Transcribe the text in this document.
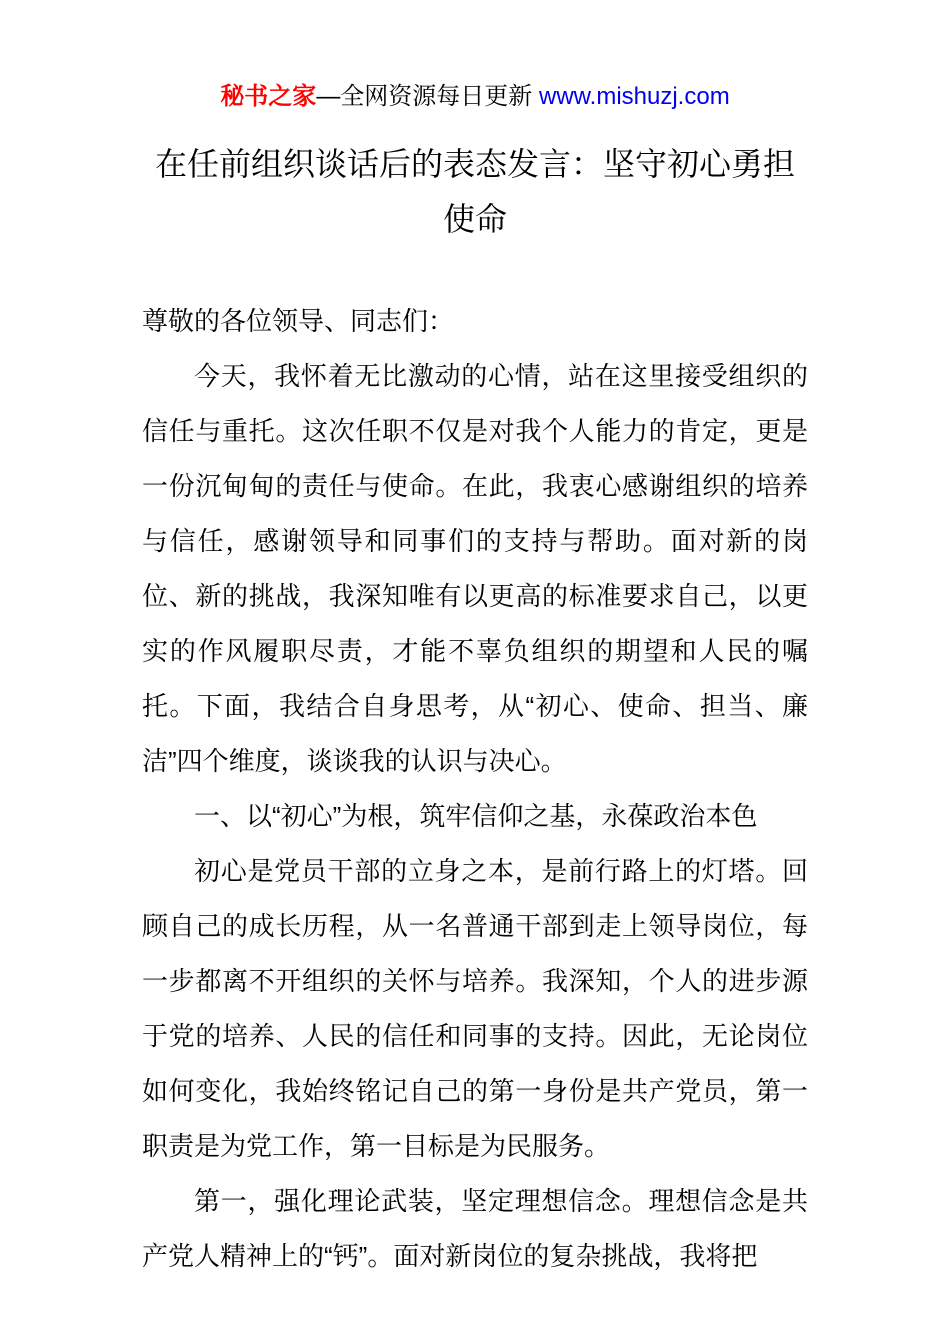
秘书之家—全网资源每日更新 www.mishuzj.com
在任前组织谈话后的表态发言：坚守初心勇担使命

尊敬的各位领导、同志们：

今天，我怀着无比激动的心情，站在这里接受组织的信任与重托。这次任职不仅是对我个人能力的肯定，更是一份沉甸甸的责任与使命。在此，我衷心感谢组织的培养与信任，感谢领导和同事们的支持与帮助。面对新的岗位、新的挑战，我深知唯有以更高的标准要求自己，以更实的作风履职尽责，才能不辜负组织的期望和人民的嘱托。下面，我结合自身思考，从“初心、使命、担当、廉洁”四个维度，谈谈我的认识与决心。

一、以“初心”为根，筑牢信仰之基，永葆政治本色

初心是党员干部的立身之本，是前行路上的灯塔。回顾自己的成长历程，从一名普通干部到走上领导岗位，每一步都离不开组织的关怀与培养。我深知，个人的进步源于党的培养、人民的信任和同事的支持。因此，无论岗位如何变化，我始终铭记自己的第一身份是共产党员，第一职责是为党工作，第一目标是为民服务。

第一，强化理论武装，坚定理想信念。理想信念是共产党人精神上的“钙”。面对新岗位的复杂挑战，我将把
